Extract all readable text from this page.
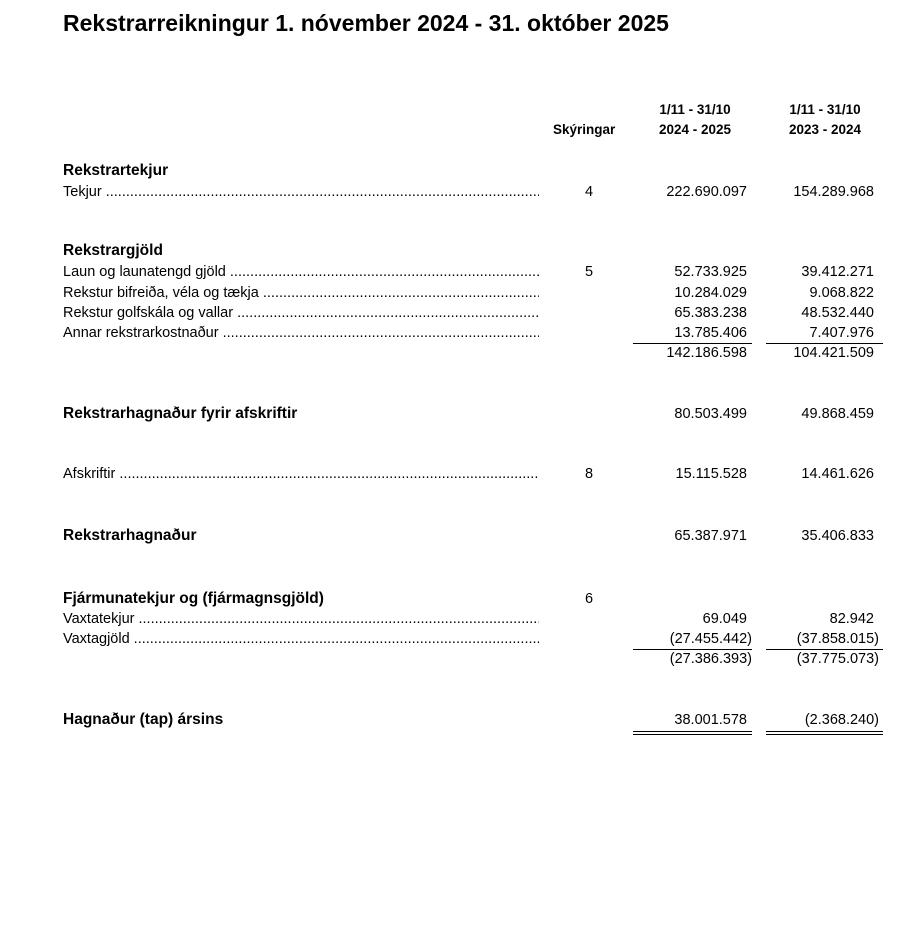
Rekstrarreikningur 1. nóvember 2024 - 31. október 2025
Skýringar
1/11 - 31/10
2024 - 2025
1/11 - 31/10
2023 - 2024
Rekstrartekjur
Tekjur .....	4	222.690.097	154.289.968
Rekstrargjöld
Laun og launatengd gjöld .....	5	52.733.925	39.412.271
Rekstur bifreiða, véla og tækja .....	10.284.029	9.068.822
Rekstur golfskála og vallar .....	65.383.238	48.532.440
Annar rekstrarkostnaður .....	13.785.406	7.407.976
142.186.598	104.421.509
Rekstrarhagnaður fyrir afskriftir	80.503.499	49.868.459
Afskriftir .....	8	15.115.528	14.461.626
Rekstrarhagnaður	65.387.971	35.406.833
Fjármunatekjur og (fjármagnsgjöld)	6
Vaxtatekjur .....	69.049	82.942
Vaxtagjöld .....	(27.455.442)	(37.858.015)
(27.386.393)	(37.775.073)
Hagnaður (tap) ársins	38.001.578	(2.368.240)
